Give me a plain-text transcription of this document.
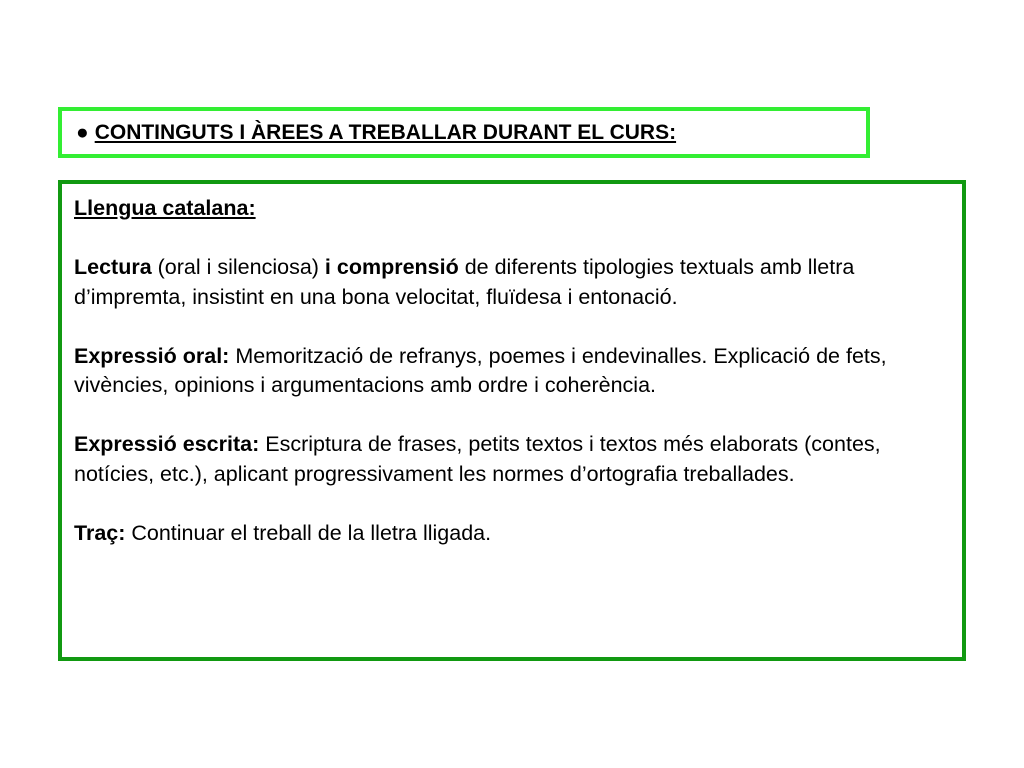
● CONTINGUTS I ÀREES A TREBALLAR DURANT EL CURS:

Llengua catalana:

Lectura (oral i silenciosa) i comprensió de diferents tipologies textuals amb lletra d’impremta, insistint en una bona velocitat, fluïdesa i entonació.

Expressió oral: Memorització de refranys, poemes i endevinalles. Explicació de fets, vivències, opinions i argumentacions amb ordre i coherència.

Expressió escrita: Escriptura de frases, petits textos i textos més elaborats (contes, notícies, etc.), aplicant progressivament les normes d’ortografia treballades.

Traç: Continuar el treball de la lletra lligada.
